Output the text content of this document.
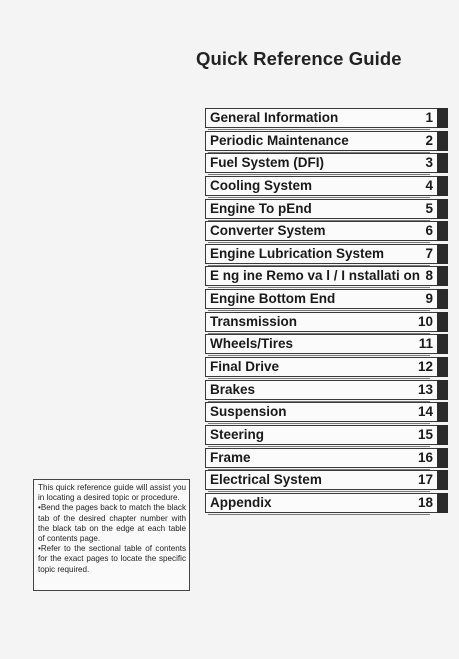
Quick Reference Guide
General Information	1
Periodic Maintenance	2
Fuel System (DFI)	3
Cooling System	4
Engine To pEnd	5
Converter System	6
Engine Lubrication System	7
E ng ine Remo va l / I nstallati on 8
Engine Bottom End	9
Transmission	10
Wheels/Tires	11
Final Drive	12
Brakes	13
Suspension	14
Steering	15
Frame	16
Electrical System	17
Appendix	18

This quick reference guide will assist you in locating a desired topic or procedure.

•Bend the pages back to match the black tab of the desired chapter number with the black tab on the edge at each table of contents page.

•Refer to the sectional table of contents for the exact pages to locate the specific topic required.
